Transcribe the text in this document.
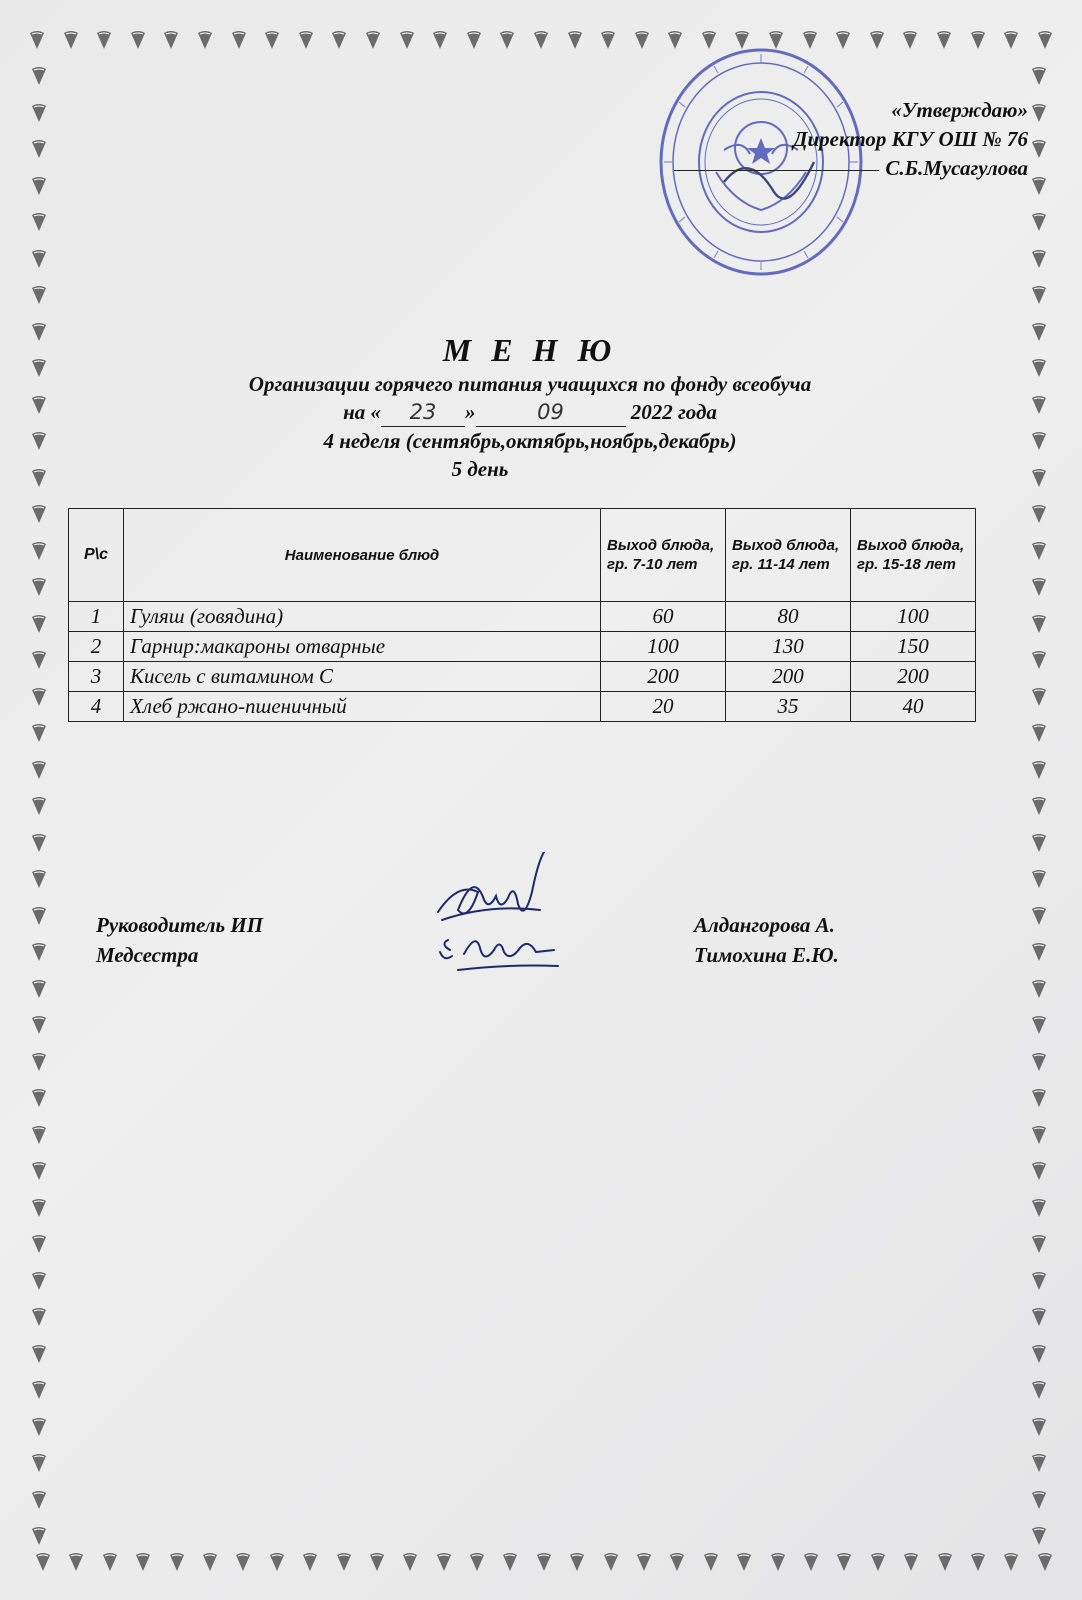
«Утверждаю»
Директор КГУ ОШ № 76
С.Б.Мусагулова
М Е Н Ю
Организации горячего питания учащихся по фонду всеобуча
на « 23 »	09	2022 года
4 неделя (сентябрь,октябрь,ноябрь,декабрь)
5 день
Р\с	Наименование блюд	Выход блюда, гр. 7-10 лет	Выход блюда, гр. 11-14 лет	Выход блюда, гр. 15-18 лет
1	Гуляш (говядина)	60	80	100
2	Гарнир:макароны отварные	100	130	150
3	Кисель с витамином С	200	200	200
4	Хлеб ржано-пшеничный	20	35	40
Руководитель ИП
Медсестра
Алдангорова А.
Тимохина Е.Ю.
